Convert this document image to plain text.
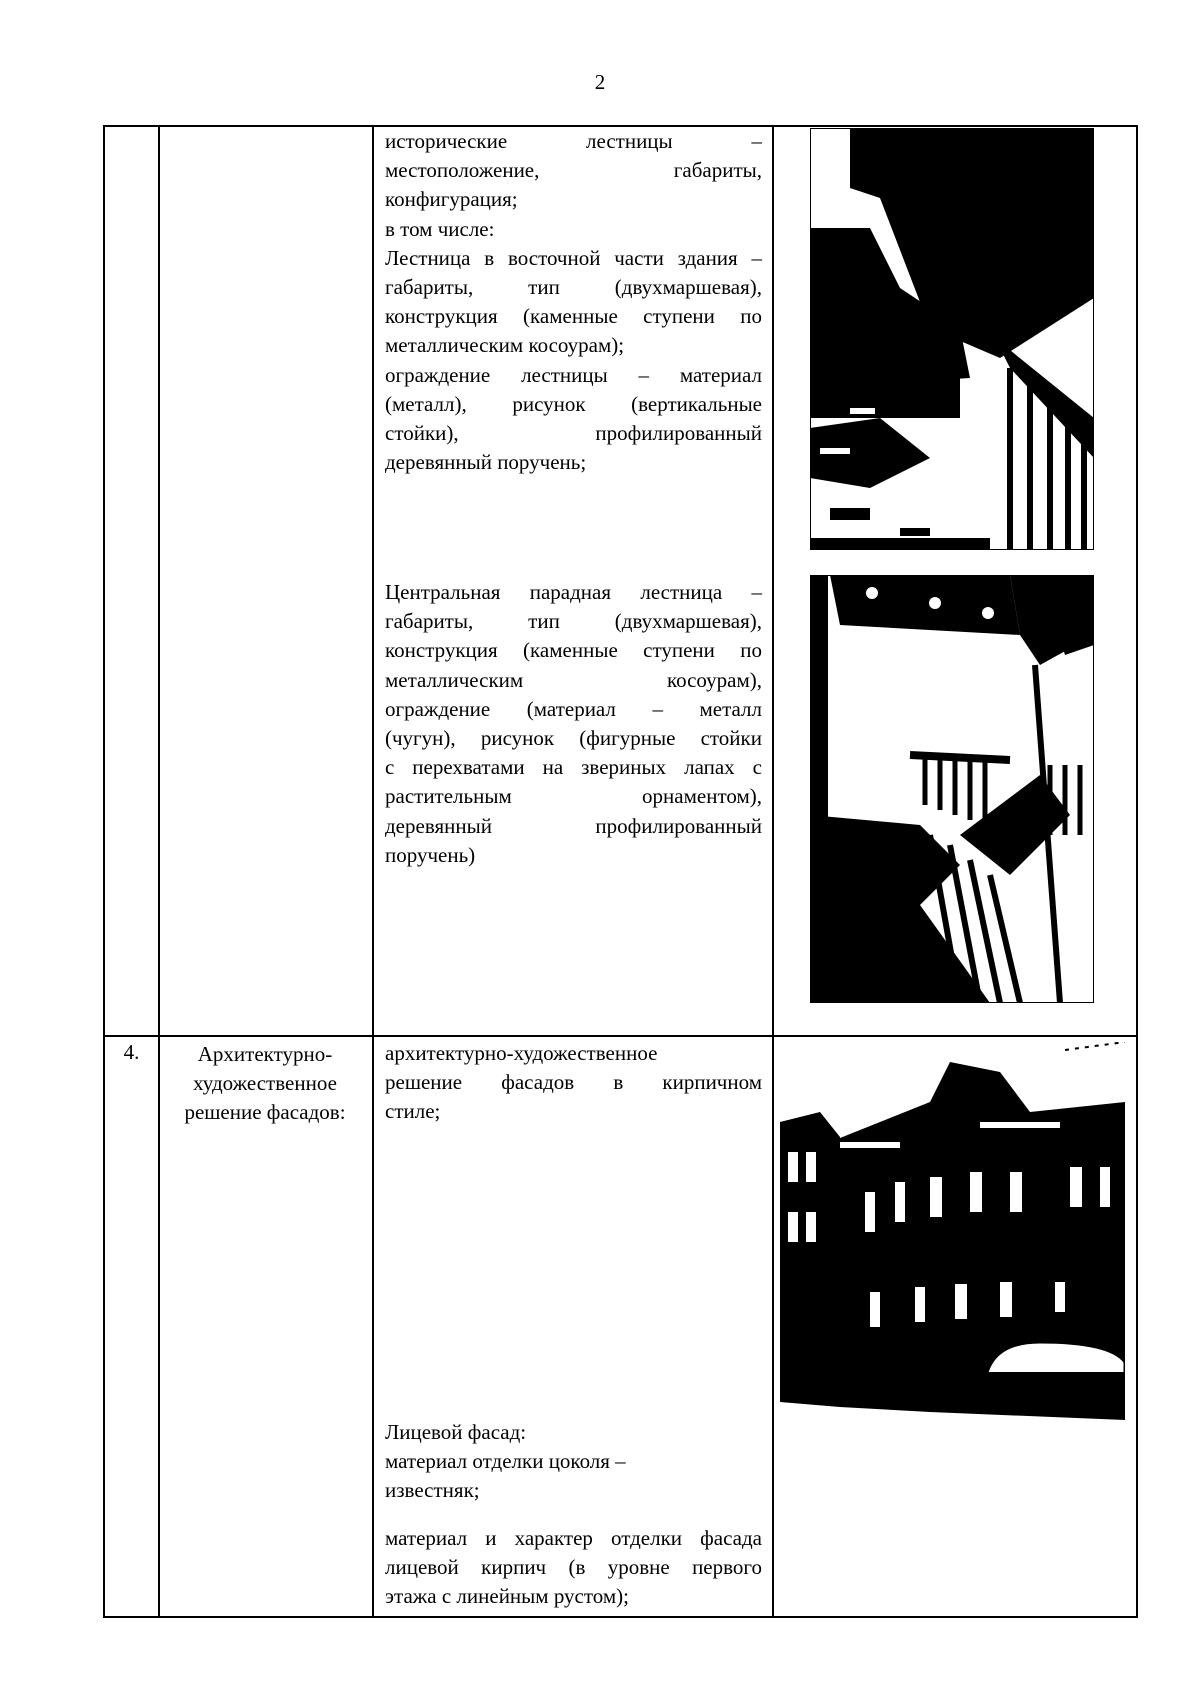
2

исторические лестницы –

местоположение, габариты,

конфигурация;

в том числе:

Лестница в восточной части здания –

габариты, тип (двухмаршевая),

конструкция (каменные ступени по

металлическим косоурам);

ограждение лестницы – материал

(металл), рисунок (вертикальные

стойки), профилированный

деревянный поручень;

Центральная парадная лестница –

габариты, тип (двухмаршевая),

конструкция (каменные ступени по

металлическим косоурам),

ограждение (материал – металл

(чугун), рисунок (фигурные стойки

с перехватами на звериных лапах с

растительным орнаментом),

деревянный профилированный

поручень)

4.	Архитектурно-
художественное
решение фасадов:

архитектурно-художественное

решение фасадов в кирпичном

стиле;

Лицевой фасад:

материал отделки цоколя –

известняк;

материал и характер отделки фасада

лицевой кирпич (в уровне первого

этажа с линейным рустом);
